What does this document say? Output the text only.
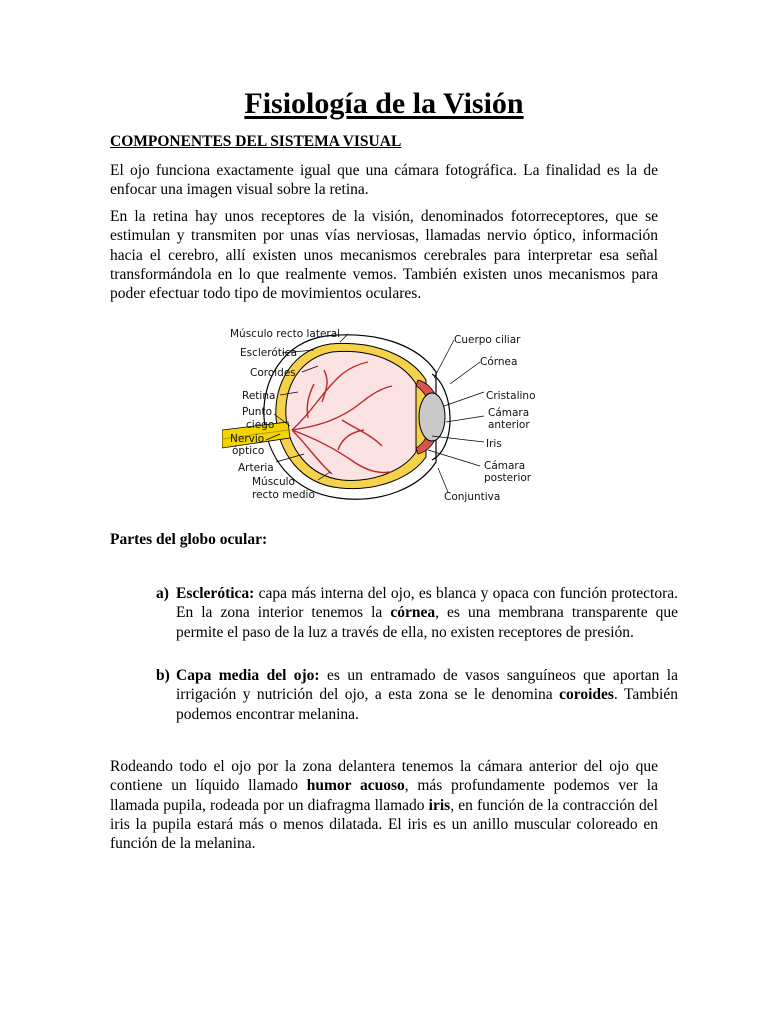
Fisiología de la Visión

COMPONENTES DEL SISTEMA VISUAL

El ojo funciona exactamente igual que una cámara fotográfica. La finalidad es la de enfocar una imagen visual sobre la retina.

En la retina hay unos receptores de la visión, denominados fotorreceptores, que se estimulan y transmiten por unas vías nerviosas, llamadas nervio óptico, información hacia el cerebro, allí existen unos mecanismos cerebrales para interpretar esa señal transformándola en lo que realmente vemos. También existen unos mecanismos para poder efectuar todo tipo de movimientos oculares.

Músculo recto lateral
Esclerótica
Coroides
Retina
Punto
ciego
Nervio
óptico
Arteria
Músculo
recto medio
Cuerpo ciliar
Córnea
Cristalino
Cámara
anterior
Iris
Cámara
posterior
Conjuntiva

Partes del globo ocular:

a) Esclerótica: capa más interna del ojo, es blanca y opaca con función protectora. En la zona interior tenemos la córnea, es una membrana transparente que permite el paso de la luz a través de ella, no existen receptores de presión.
b) Capa media del ojo: es un entramado de vasos sanguíneos que aportan la irrigación y nutrición del ojo, a esta zona se le denomina coroides. También podemos encontrar melanina.

Rodeando todo el ojo por la zona delantera tenemos la cámara anterior del ojo que contiene un líquido llamado humor acuoso, más profundamente podemos ver la llamada pupila, rodeada por un diafragma llamado iris, en función de la contracción del iris la pupila estará más o menos dilatada. El iris es un anillo muscular coloreado en función de la melanina.
